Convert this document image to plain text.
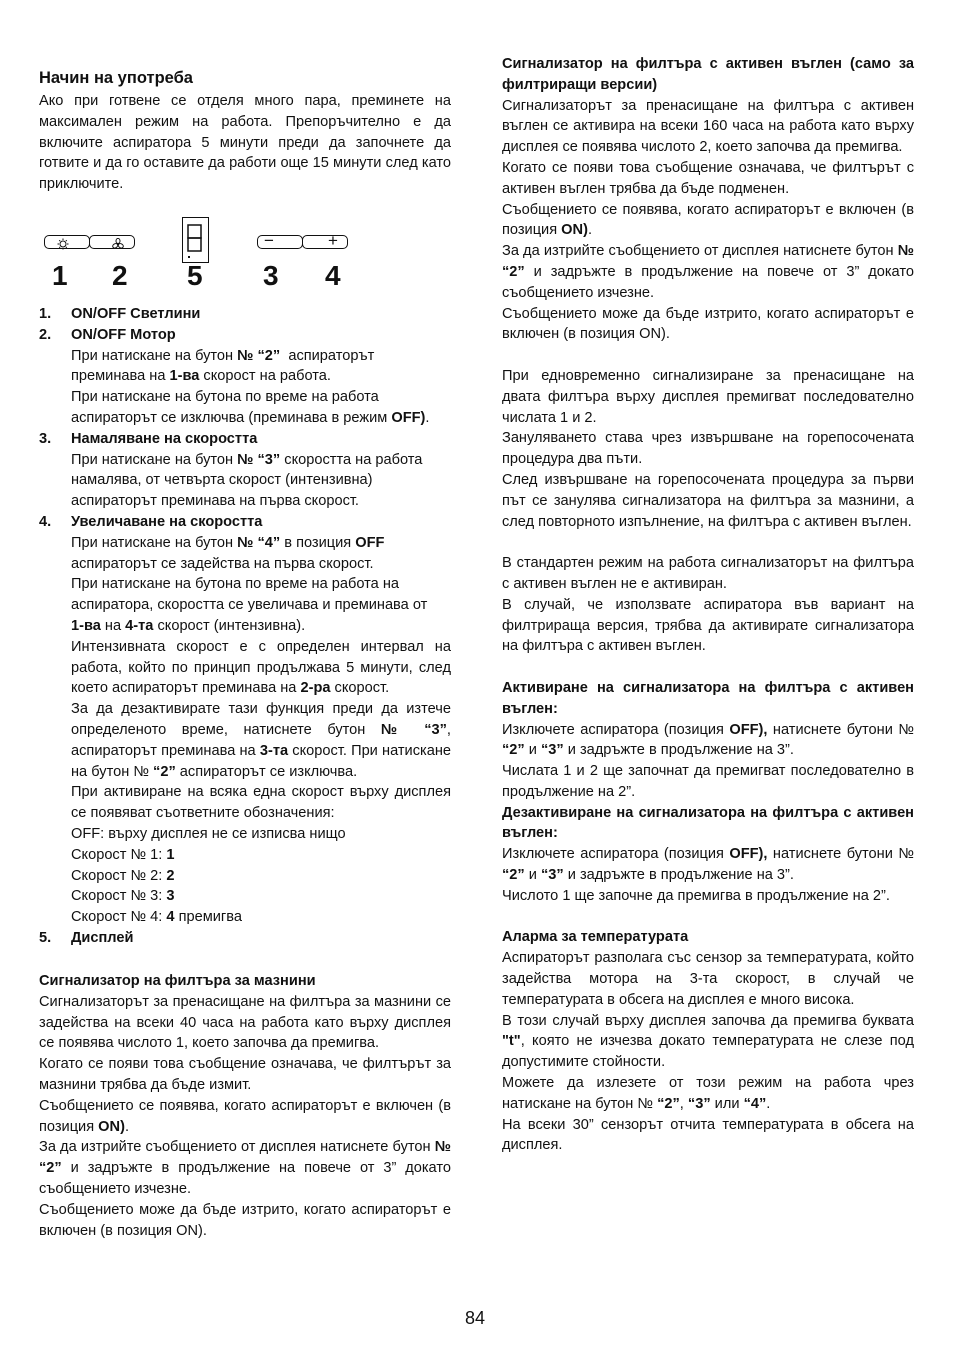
Начин на употреба

Ако при готвене се отделя много пара, преминете на максимален режим на работа. Препоръчително е да включите аспиратора 5 минути преди да започнете да готвите и да го оставите да работи още 15 минути след като приключите.

−	+
1 2 5 3 4
1. ON/OFF Светлини
2. ON/OFF Мотор
При натискане на бутон № “2”  аспираторът
преминава на 1-ва скорост на работа.
При натискане на бутона по време на работа
аспираторът се изключва (преминава в режим OFF).
3. Намаляване на скоростта
При натискане на бутон № “3” скоростта на работа
намалява, от четвърта скорост (интензивна)
аспираторът преминава на първа скорост.
4. Увеличаване на скоростта
При натискане на бутон № “4” в позиция OFF
аспираторът се задейства на първа скорост.
При натискане на бутона по време на работа на
аспиратора, скоростта се увеличава и преминава от
1-ва на 4-та скорост (интензивна).

Интензивната скорост е с определен интервал на работа, който по принцип продължава 5 минути, след което аспираторът преминава на 2-ра скорост.

За да дезактивирате тази функция преди да изтече определеното време, натиснете бутон № “3”, аспираторът преминава на 3-та скорост. При натискане на бутон № “2” аспираторът се изключва.

При активиране на всяка една скорост върху дисплея се появяват съответните обозначения:

OFF: върху дисплея не се изписва нищо
Скорост № 1: 1
Скорост № 2: 2
Скорост № 3: 3
Скорост № 4: 4 премигва
5. Дисплей
Сигнализатор на филтъра за мазнини

Сигнализаторът за пренасищане на филтъра за мазнини се задейства на всеки 40 часа на работа като върху дисплея се появява числото 1, което започва да премигва.

Когато се появи това съобщение означава, че филтърът за мазнини трябва да бъде измит.

Съобщението се появява, когато аспираторът е включен (в позиция ON).

За да изтрийте съобщението от дисплея натиснете бутон № “2” и задръжте в продължение на повече от 3” докато съобщението изчезне.

Съобщението може да бъде изтрито, когато аспираторът е включен (в позиция ON).

Сигнализатор на филтъра с активен въглен (само за филтриращи версии)

Сигнализаторът за пренасищане на филтъра с активен въглен се активира на всеки 160 часа на работа като върху дисплея се появява числото 2, което започва да премигва.

Когато се появи това съобщение означава, че филтърът с активен въглен трябва да бъде подменен.

Съобщението се появява, когато аспираторът е включен (в позиция ON).

За да изтрийте съобщението от дисплея натиснете бутон № “2” и задръжте в продължение на повече от 3” докато съобщението изчезне.

Съобщението може да бъде изтрито, когато аспираторът е включен (в позиция ON).

При едновременно сигнализиране за пренасищане на двата филтъра върху дисплея премигват последователно числата 1 и 2.

Зануляването става чрез извършване на горепосочената процедура два пъти.

След извършване на горепосочената процедура за първи път се занулява сигнализатора на филтъра за мазнини, а след повторното изпълнение, на филтъра с активен въглен.

В стандартен режим на работа сигнализаторът на филтъра с активен въглен не е активиран.

В случай, че използвате аспиратора във вариант на филтрираща версия, трябва да активирате сигнализатора на филтъра с активен въглен.

Активиране на сигнализатора на филтъра с активен въглен:

Изключете аспиратора (позиция OFF), натиснете бутони № “2” и “3” и задръжте в продължение на 3”.

Числата 1 и 2 ще започнат да премигват последователно в продължение на 2”.

Дезактивиране на сигнализатора на филтъра с активен въглен:

Изключете аспиратора (позиция OFF), натиснете бутони № “2” и “3” и задръжте в продължение на 3”.

Числото 1 ще започне да премигва в продължение на 2”.

Аларма за температурата

Аспираторът разполага със сензор за температурата, който задейства мотора на 3-та скорост, в случай че температурата в обсега на дисплея е много висока.

В този случай върху дисплея започва да премигва буквата "t", която не изчезва докато температурата не слезе под допустимите стойности.

Можете да излезете от този режим на работа чрез натискане на бутон № “2”, “3” или “4”.

На всеки 30” сензорът отчита температурата в обсега на дисплея.

84
